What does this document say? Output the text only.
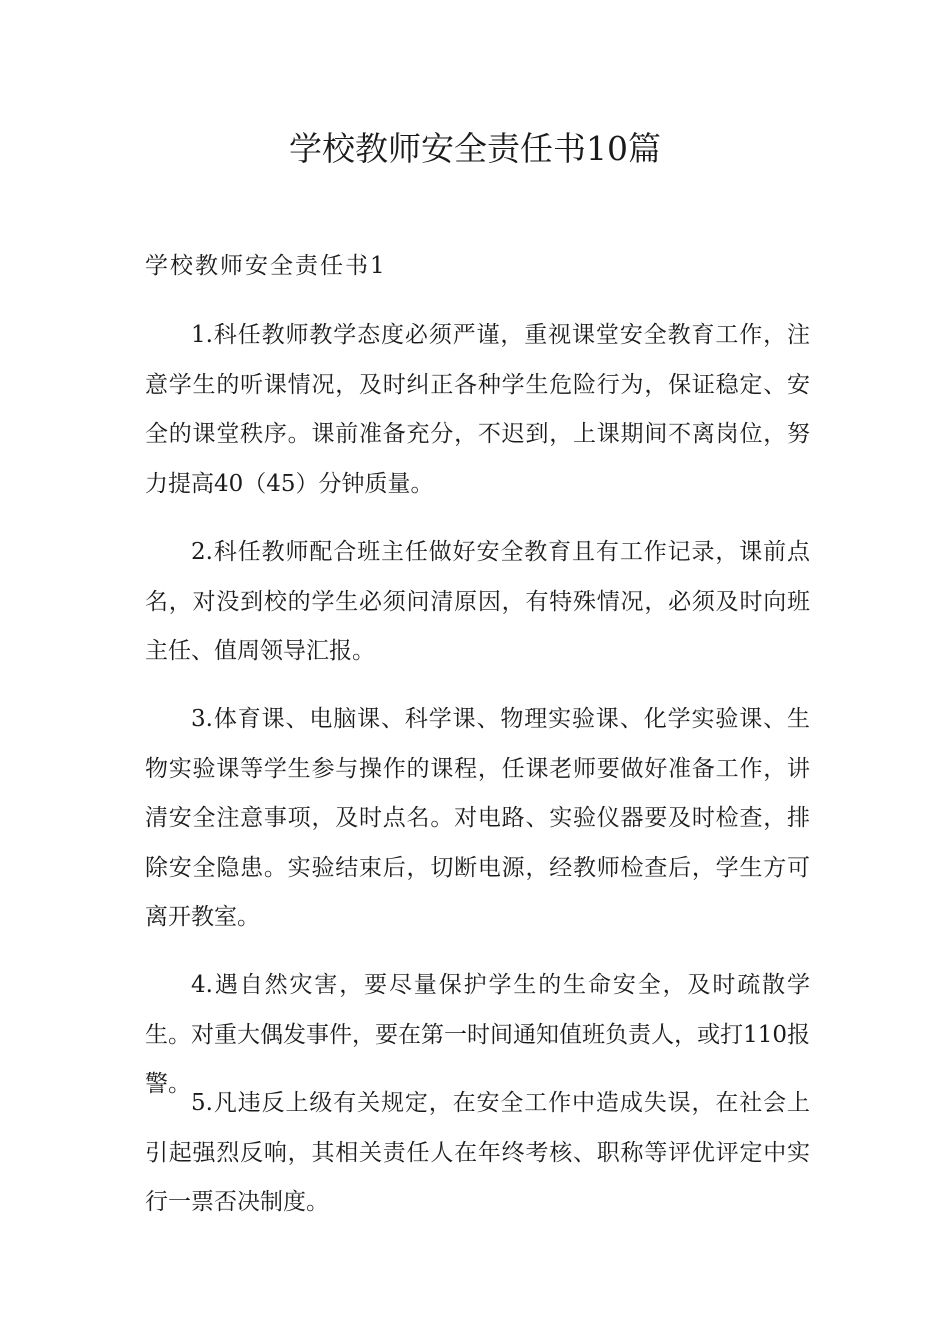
学校教师安全责任书10篇
学校教师安全责任书1

1.科任教师教学态度必须严谨，重视课堂安全教育工作，注意学生的听课情况，及时纠正各种学生危险行为，保证稳定、安全的课堂秩序。课前准备充分，不迟到，上课期间不离岗位，努力提高40（45）分钟质量。

2.科任教师配合班主任做好安全教育且有工作记录，课前点名，对没到校的学生必须问清原因，有特殊情况，必须及时向班主任、值周领导汇报。

3.体育课、电脑课、科学课、物理实验课、化学实验课、生物实验课等学生参与操作的课程，任课老师要做好准备工作，讲清安全注意事项，及时点名。对电路、实验仪器要及时检查，排除安全隐患。实验结束后，切断电源，经教师检查后，学生方可离开教室。

4.遇自然灾害，要尽量保护学生的生命安全，及时疏散学生。对重大偶发事件，要在第一时间通知值班负责人，或打110报警。

5.凡违反上级有关规定，在安全工作中造成失误，在社会上引起强烈反响，其相关责任人在年终考核、职称等评优评定中实行一票否决制度。
